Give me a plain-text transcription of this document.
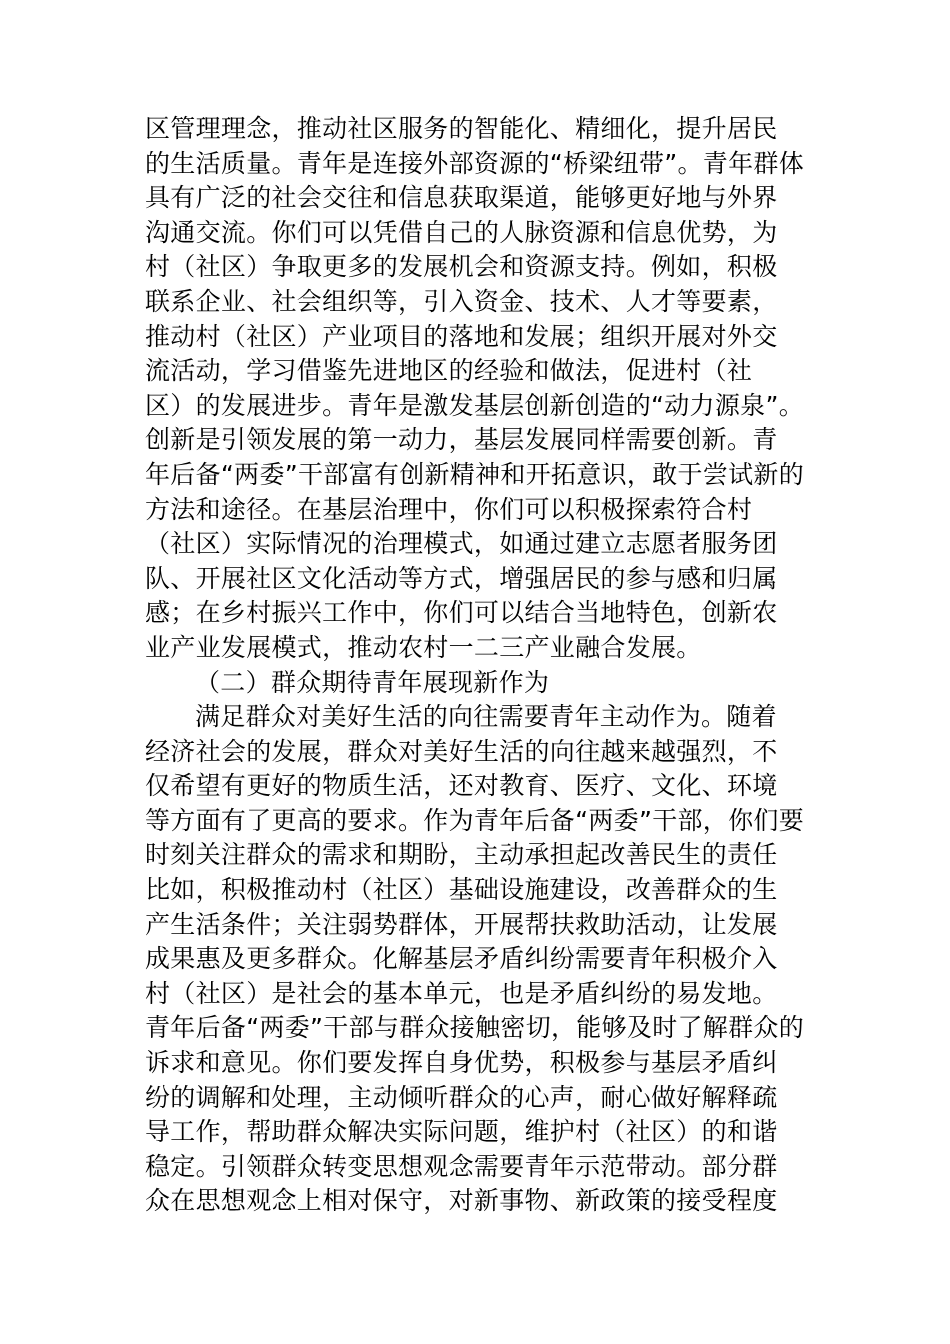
区管理理念，推动社区服务的智能化、精细化，提升居民
的生活质量。青年是连接外部资源的“桥梁纽带”。青年群体
具有广泛的社会交往和信息获取渠道，能够更好地与外界
沟通交流。你们可以凭借自己的人脉资源和信息优势，为
村（社区）争取更多的发展机会和资源支持。例如，积极
联系企业、社会组织等，引入资金、技术、人才等要素，
推动村（社区）产业项目的落地和发展；组织开展对外交
流活动，学习借鉴先进地区的经验和做法，促进村（社
区）的发展进步。青年是激发基层创新创造的“动力源泉”。
创新是引领发展的第一动力，基层发展同样需要创新。青
年后备“两委”干部富有创新精神和开拓意识，敢于尝试新的
方法和途径。在基层治理中，你们可以积极探索符合村
（社区）实际情况的治理模式，如通过建立志愿者服务团
队、开展社区文化活动等方式，增强居民的参与感和归属
感；在乡村振兴工作中，你们可以结合当地特色，创新农
业产业发展模式，推动农村一二三产业融合发展。
（二）群众期待青年展现新作为
满足群众对美好生活的向往需要青年主动作为。随着
经济社会的发展，群众对美好生活的向往越来越强烈，不
仅希望有更好的物质生活，还对教育、医疗、文化、环境
等方面有了更高的要求。作为青年后备“两委”干部，你们要
时刻关注群众的需求和期盼，主动承担起改善民生的责任
比如，积极推动村（社区）基础设施建设，改善群众的生
产生活条件；关注弱势群体，开展帮扶救助活动，让发展
成果惠及更多群众。化解基层矛盾纠纷需要青年积极介入
村（社区）是社会的基本单元，也是矛盾纠纷的易发地。
青年后备“两委”干部与群众接触密切，能够及时了解群众的
诉求和意见。你们要发挥自身优势，积极参与基层矛盾纠
纷的调解和处理，主动倾听群众的心声，耐心做好解释疏
导工作，帮助群众解决实际问题，维护村（社区）的和谐
稳定。引领群众转变思想观念需要青年示范带动。部分群
众在思想观念上相对保守，对新事物、新政策的接受程度
